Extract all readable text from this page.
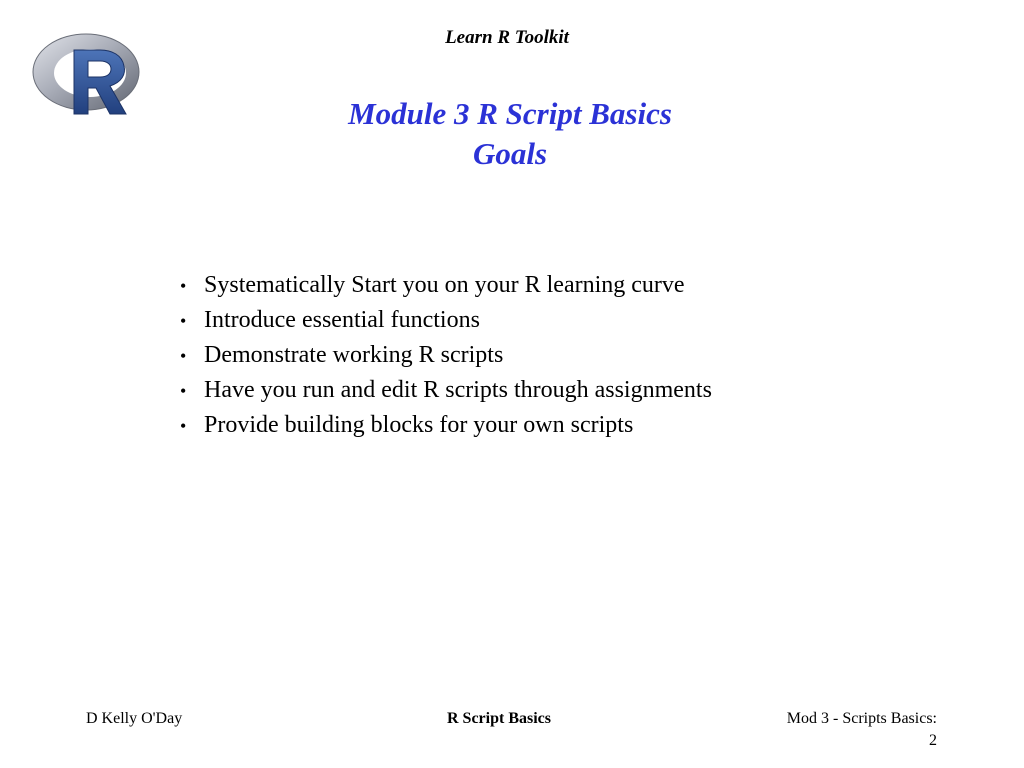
Learn R Toolkit
Module 3 R Script Basics
Goals
• Systematically Start you on your R learning curve
• Introduce essential functions
• Demonstrate working R scripts
• Have you run and edit R scripts through assignments
• Provide building blocks for your own scripts
D Kelly O'Day	R Script Basics	Mod 3 - Scripts Basics:
2
